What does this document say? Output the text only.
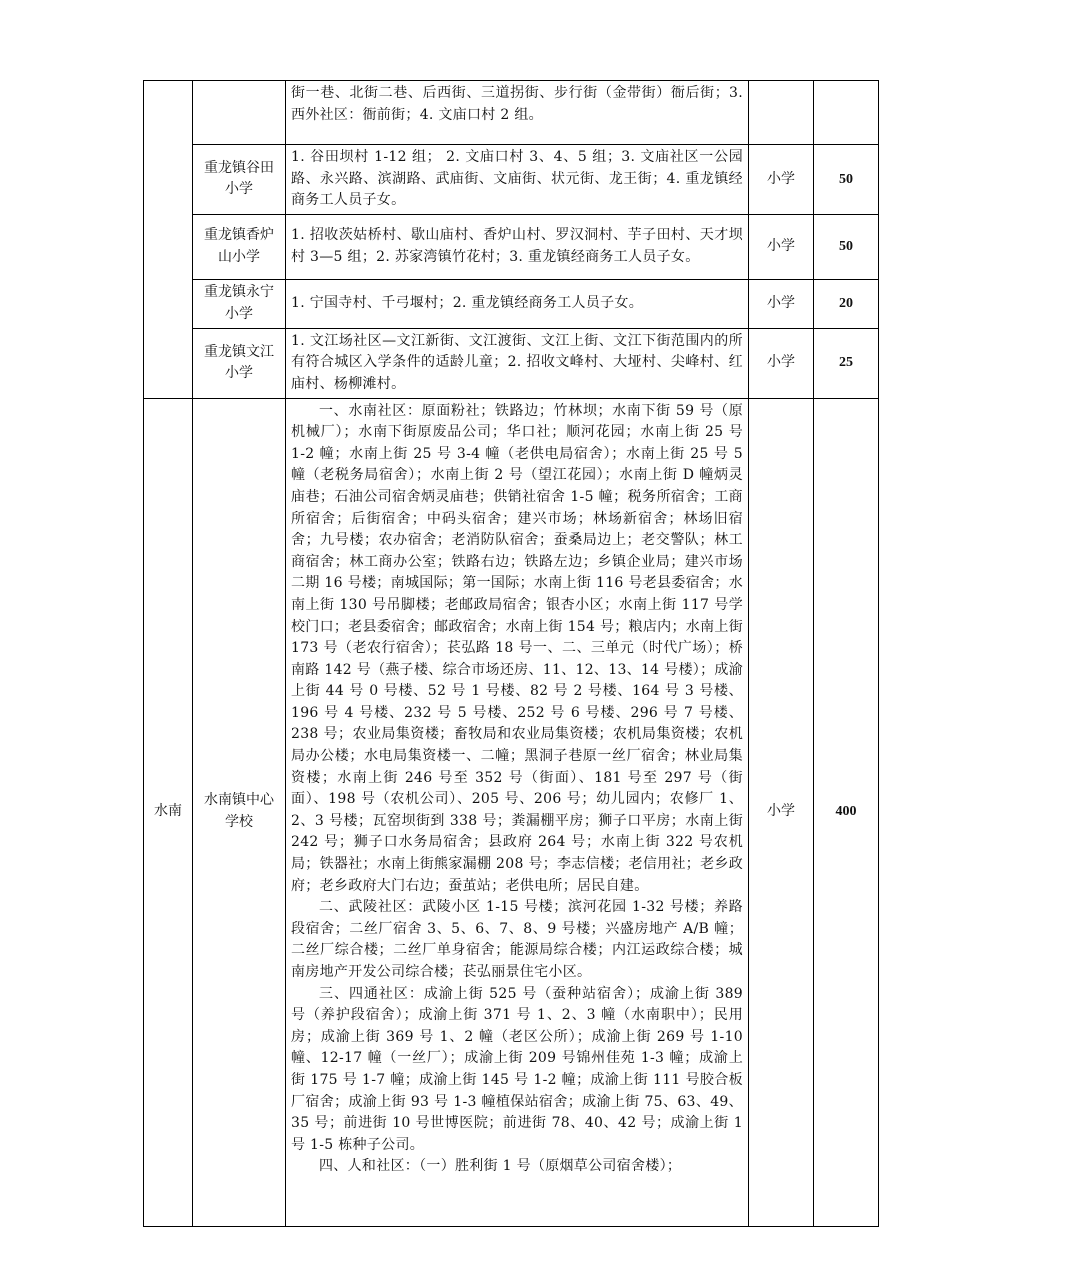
		街一巷、北街二巷、后西街、三道拐街、步行街（金带街）衙后街；3. 西外社区：衙前街；4. 文庙口村 2 组。		
	重龙镇谷田小学	1. 谷田坝村 1-12 组； 2. 文庙口村 3、4、5 组；3. 文庙社区一公园路、永兴路、滨湖路、武庙街、文庙街、状元街、龙王街；4. 重龙镇经商务工人员子女。	小学	50
	重龙镇香炉山小学	1. 招收茨姑桥村、歇山庙村、香炉山村、罗汉洞村、芋子田村、天才坝村 3—5 组；2. 苏家湾镇竹花村；3. 重龙镇经商务工人员子女。	小学	50
	重龙镇永宁小学	1. 宁国寺村、千弓堰村；2. 重龙镇经商务工人员子女。	小学	20
	重龙镇文江小学	1. 文江场社区—文江新街、文江渡街、文江上街、文江下街范围内的所有符合城区入学条件的适龄儿童；2. 招收文峰村、大垭村、尖峰村、红庙村、杨柳滩村。	小学	25
水南	水南镇中心学校	一、水南社区：原面粉社；铁路边；竹林坝；水南下街 59 号（原机械厂）；水南下街原废品公司；华口社；顺河花园；水南上街 25 号 1-2 幢；水南上街 25 号 3-4 幢（老供电局宿舍）；水南上街 25 号 5 幢（老税务局宿舍）；水南上街 2 号（望江花园）；水南上街 D 幢炳灵庙巷；石油公司宿舍炳灵庙巷；供销社宿舍 1-5 幢；税务所宿舍；工商所宿舍；后街宿舍；中码头宿舍；建兴市场；林场新宿舍；林场旧宿舍；九号楼；农办宿舍；老消防队宿舍；蚕桑局边上；老交警队；林工商宿舍；林工商办公室；铁路右边；铁路左边；乡镇企业局；建兴市场二期 16 号楼；南城国际；第一国际；水南上街 116 号老县委宿舍；水南上街 130 号吊脚楼；老邮政局宿舍；银杏小区；水南上街 117 号学校门口；老县委宿舍；邮政宿舍；水南上街 154 号；粮店内；水南上街 173 号（老农行宿舍）；苌弘路 18 号一、二、三单元（时代广场）；桥南路 142 号（燕子楼、综合市场还房、11、12、13、14 号楼）；成渝上街 44 号 0 号楼、52 号 1 号楼、82 号 2 号楼、164 号 3 号楼、196 号 4 号楼、232 号 5 号楼、252 号 6 号楼、296 号 7 号楼、238 号；农业局集资楼；畜牧局和农业局集资楼；农机局集资楼；农机局办公楼；水电局集资楼一、二幢；黑洞子巷原一丝厂宿舍；林业局集资楼；水南上街 246 号至 352 号（街面）、181 号至 297 号（街面）、198 号（农机公司）、205 号、206 号；幼儿园内；农修厂 1、2、3 号楼；瓦窑坝街到 338 号；粪漏棚平房；狮子口平房；水南上街 242 号；狮子口水务局宿舍；县政府 264 号；水南上街 322 号农机局；铁器社；水南上街熊家漏棚 208 号；李志信楼；老信用社；老乡政府；老乡政府大门右边；蚕茧站；老供电所；居民自建。

二、武陵社区：武陵小区 1-15 号楼；滨河花园 1-32 号楼；养路段宿舍；二丝厂宿舍 3、5、6、7、8、9 号楼；兴盛房地产 A/B 幢；二丝厂综合楼；二丝厂单身宿舍；能源局综合楼；内江运政综合楼；城南房地产开发公司综合楼；苌弘丽景住宅小区。

三、四通社区：成渝上街 525 号（蚕种站宿舍）；成渝上街 389 号（养护段宿舍）；成渝上街 371 号 1、2、3 幢（水南职中）；民用房；成渝上街 369 号 1、2 幢（老区公所）；成渝上街 269 号 1-10 幢、12-17 幢（一丝厂）；成渝上街 209 号锦州佳苑 1-3 幢；成渝上街 175 号 1-7 幢；成渝上街 145 号 1-2 幢；成渝上街 111 号胶合板厂宿舍；成渝上街 93 号 1-3 幢植保站宿舍；成渝上街 75、63、49、35 号；前进街 10 号世博医院；前进街 78、40、42 号；成渝上街 1 号 1-5 栋种子公司。

四、人和社区：（一）胜利街 1 号（原烟草公司宿舍楼）；	小学	400
